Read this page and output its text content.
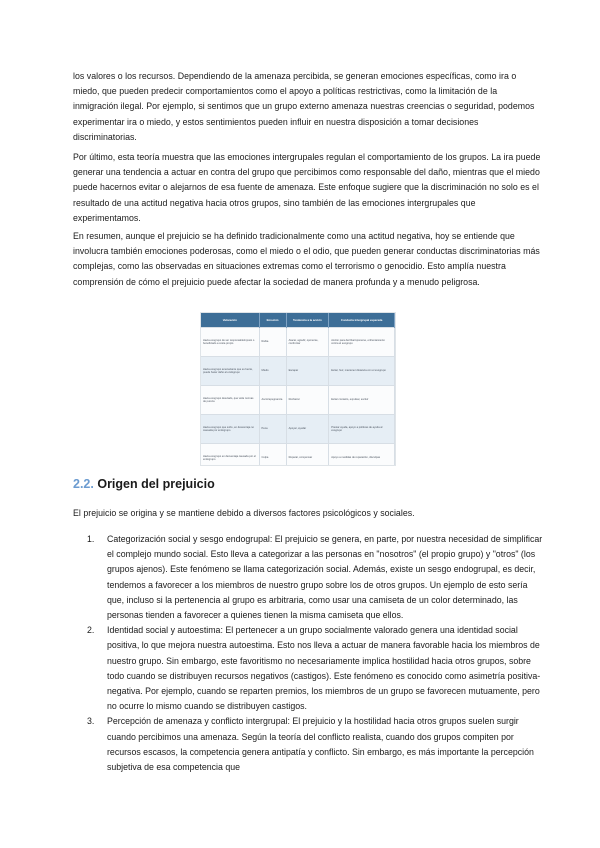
los valores o los recursos. Dependiendo de la amenaza percibida, se generan emociones específicas, como ira o miedo, que pueden predecir comportamientos como el apoyo a políticas restrictivas, como la limitación de la inmigración ilegal. Por ejemplo, si sentimos que un grupo externo amenaza nuestras creencias o seguridad, podemos experimentar ira o miedo, y estos sentimientos pueden influir en nuestra disposición a tomar decisiones discriminatorias.

Por último, esta teoría muestra que las emociones intergrupales regulan el comportamiento de los grupos. La ira puede generar una tendencia a actuar en contra del grupo que percibimos como responsable del daño, mientras que el miedo puede hacernos evitar o alejarnos de esa fuente de amenaza. Este enfoque sugiere que la discriminación no solo es el resultado de una actitud negativa hacia otros grupos, sino también de las emociones intergrupales que experimentamos.

En resumen, aunque el prejuicio se ha definido tradicionalmente como una actitud negativa, hoy se entiende que involucra también emociones poderosas, como el miedo o el odio, que pueden generar conductas discriminatorias más complejas, como las observadas en situaciones extremas como el terrorismo o genocidio. Esto amplía nuestra comprensión de cómo el prejuicio puede afectar la sociedad de manera profunda y a menudo peligrosa.

Valoración	Emoción	Tendencia a la acción	Conducta intergrupal esperada
Hacia exogrupo de ser responsable/injusto o beneficiado a costa propio	Rabia	Atacar, agredir, oponerse, confrontar	Acción para derribar/oponerse, enfrentamiento contra el exogrupo
Hacia exogrupo amenazante que es fuerte, puede hacer daño al endogrupo	Miedo	Escapar	Evitar, huir, mantener distancia con el exogrupo
Hacia exogrupo desviado, que viola normas de pureza	Asco/repugnancia	Rechazar	Evitar contacto, expulsar, excluir
Hacia exogrupo que sufre, en desventaja no causada por endogrupo	Pena	Apoyar, ayudar	Prestar ayuda, apoyo a políticas de ayuda al exogrupo
Hacia exogrupo en desventaja causada por el endogrupo	Culpa	Reparar, compensar	Apoyo a medidas de reparación, disculpas
2.2. Origen del prejuicio

El prejuicio se origina y se mantiene debido a diversos factores psicológicos y sociales.

1. Categorización social y sesgo endogrupal: El prejuicio se genera, en parte, por nuestra necesidad de simplificar el complejo mundo social. Esto lleva a categorizar a las personas en "nosotros" (el propio grupo) y "otros" (los grupos ajenos). Este fenómeno se llama categorización social. Además, existe un sesgo endogrupal, es decir, tendemos a favorecer a los miembros de nuestro grupo sobre los de otros grupos. Un ejemplo de esto sería que, incluso si la pertenencia al grupo es arbitraria, como usar una camiseta de un color determinado, las personas tienden a favorecer a quienes tienen la misma camiseta que ellos.
2. Identidad social y autoestima: El pertenecer a un grupo socialmente valorado genera una identidad social positiva, lo que mejora nuestra autoestima. Esto nos lleva a actuar de manera favorable hacia los miembros de nuestro grupo. Sin embargo, este favoritismo no necesariamente implica hostilidad hacia otros grupos, sobre todo cuando se distribuyen recursos negativos (castigos). Este fenómeno es conocido como asimetría positiva-negativa. Por ejemplo, cuando se reparten premios, los miembros de un grupo se favorecen mutuamente, pero no ocurre lo mismo cuando se distribuyen castigos.
3. Percepción de amenaza y conflicto intergrupal: El prejuicio y la hostilidad hacia otros grupos suelen surgir cuando percibimos una amenaza. Según la teoría del conflicto realista, cuando dos grupos compiten por recursos escasos, la competencia genera antipatía y conflicto. Sin embargo, es más importante la percepción subjetiva de esa competencia que
